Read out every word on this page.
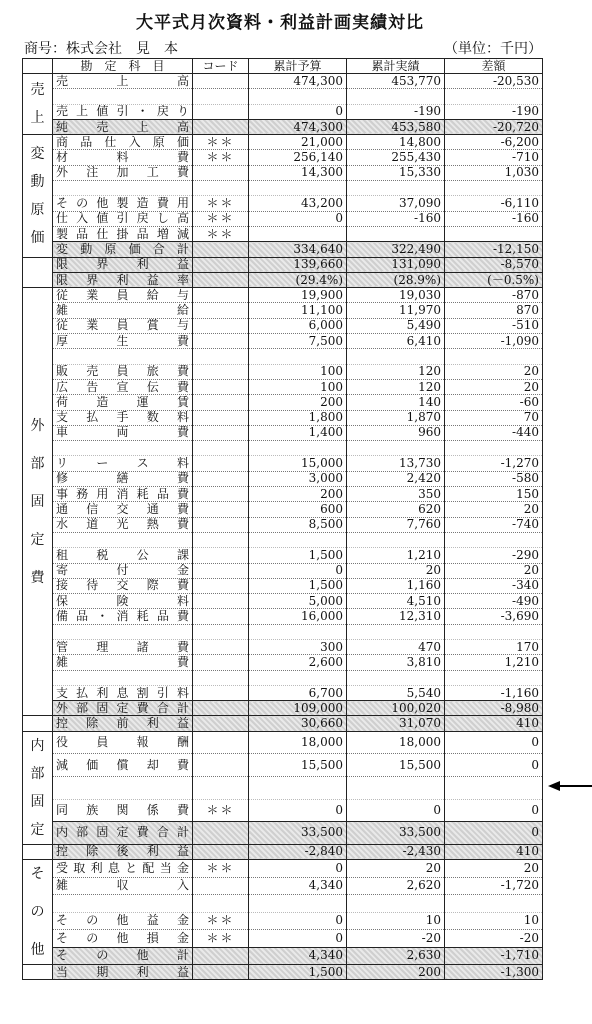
大平式月次資料・利益計画実績対比
商号：株式会社　見　本	（単位：千円）
	勘　定　科　目	コード	累計予算	累計実績	差額

売
上	売　上　高		474,300	453,770	-20,530

	売上値引・戻り		0	-190	-190
	純　売　上　高		474,300	453,580	-20,720

変
動
原
価	商品仕入原価	＊＊	21,000	14,800	-6,200
	材　料　費	＊＊	256,140	255,430	-710
	外注加工費		14,300	15,330	1,030

	その他製造費用	＊＊	43,200	37,090	-6,110
	仕入値引戻し高	＊＊	0	-160	-160
	製品仕掛品増減	＊＊			
	変動原価合計		334,640	322,490	-12,150

	限　界　利　益		139,660	131,090	-8,570
	限　界　利　益　率		(29.4%)	(28.9%)	(－0.5%)

外

部

固

定

費	従業員給与		19,900	19,030	-870
	雑　　　給		11,100	11,970	870
	従業員賞与		6,000	5,490	-510
	厚　生　費		7,500	6,410	-1,090

	販売員旅費		100	120	20
	広告宣伝費		100	120	20
	荷造運賃		200	140	-60
	支払手数料		1,800	1,870	70
	車　両　費		1,400	960	-440

	リ　ー　ス　料		15,000	13,730	-1,270
	修　繕　費		3,000	2,420	-580
	事務用消耗品費		200	350	150
	通信交通費		600	620	20
	水道光熱費		8,500	7,760	-740

	租　税　公　課		1,500	1,210	-290
	寄　付　金		0	20	20
	接待交際費		1,500	1,160	-340
	保　険　料		5,000	4,510	-490
	備品・消耗品費		16,000	12,310	-3,690

	管　理　諸　費		300	470	170
	雑　　　費		2,600	3,810	1,210

	支払利息割引料		6,700	5,540	-1,160
	外部固定費合計		109,000	100,020	-8,980

	控　除　前　利　益		30,660	31,070	410

内
部
固
定	役　員　報　酬		18,000	18,000	0
	減価償却費		15,500	15,500	0

	同族関係費	＊＊	0	0	0
	内部固定費合計		33,500	33,500	0

	控　除　後　利　益		-2,840	-2,430	410

そ

の

他	受取利息と配当金	＊＊	0	20	20
	雑　収　入		4,340	2,620	-1,720

	そ　の　他　益　金	＊＊	0	10	10
	そ　の　他　損　金	＊＊	0	-20	-20
	そ　の　他　計		4,340	2,630	-1,710

	当　期　利　益		1,500	200	-1,300
